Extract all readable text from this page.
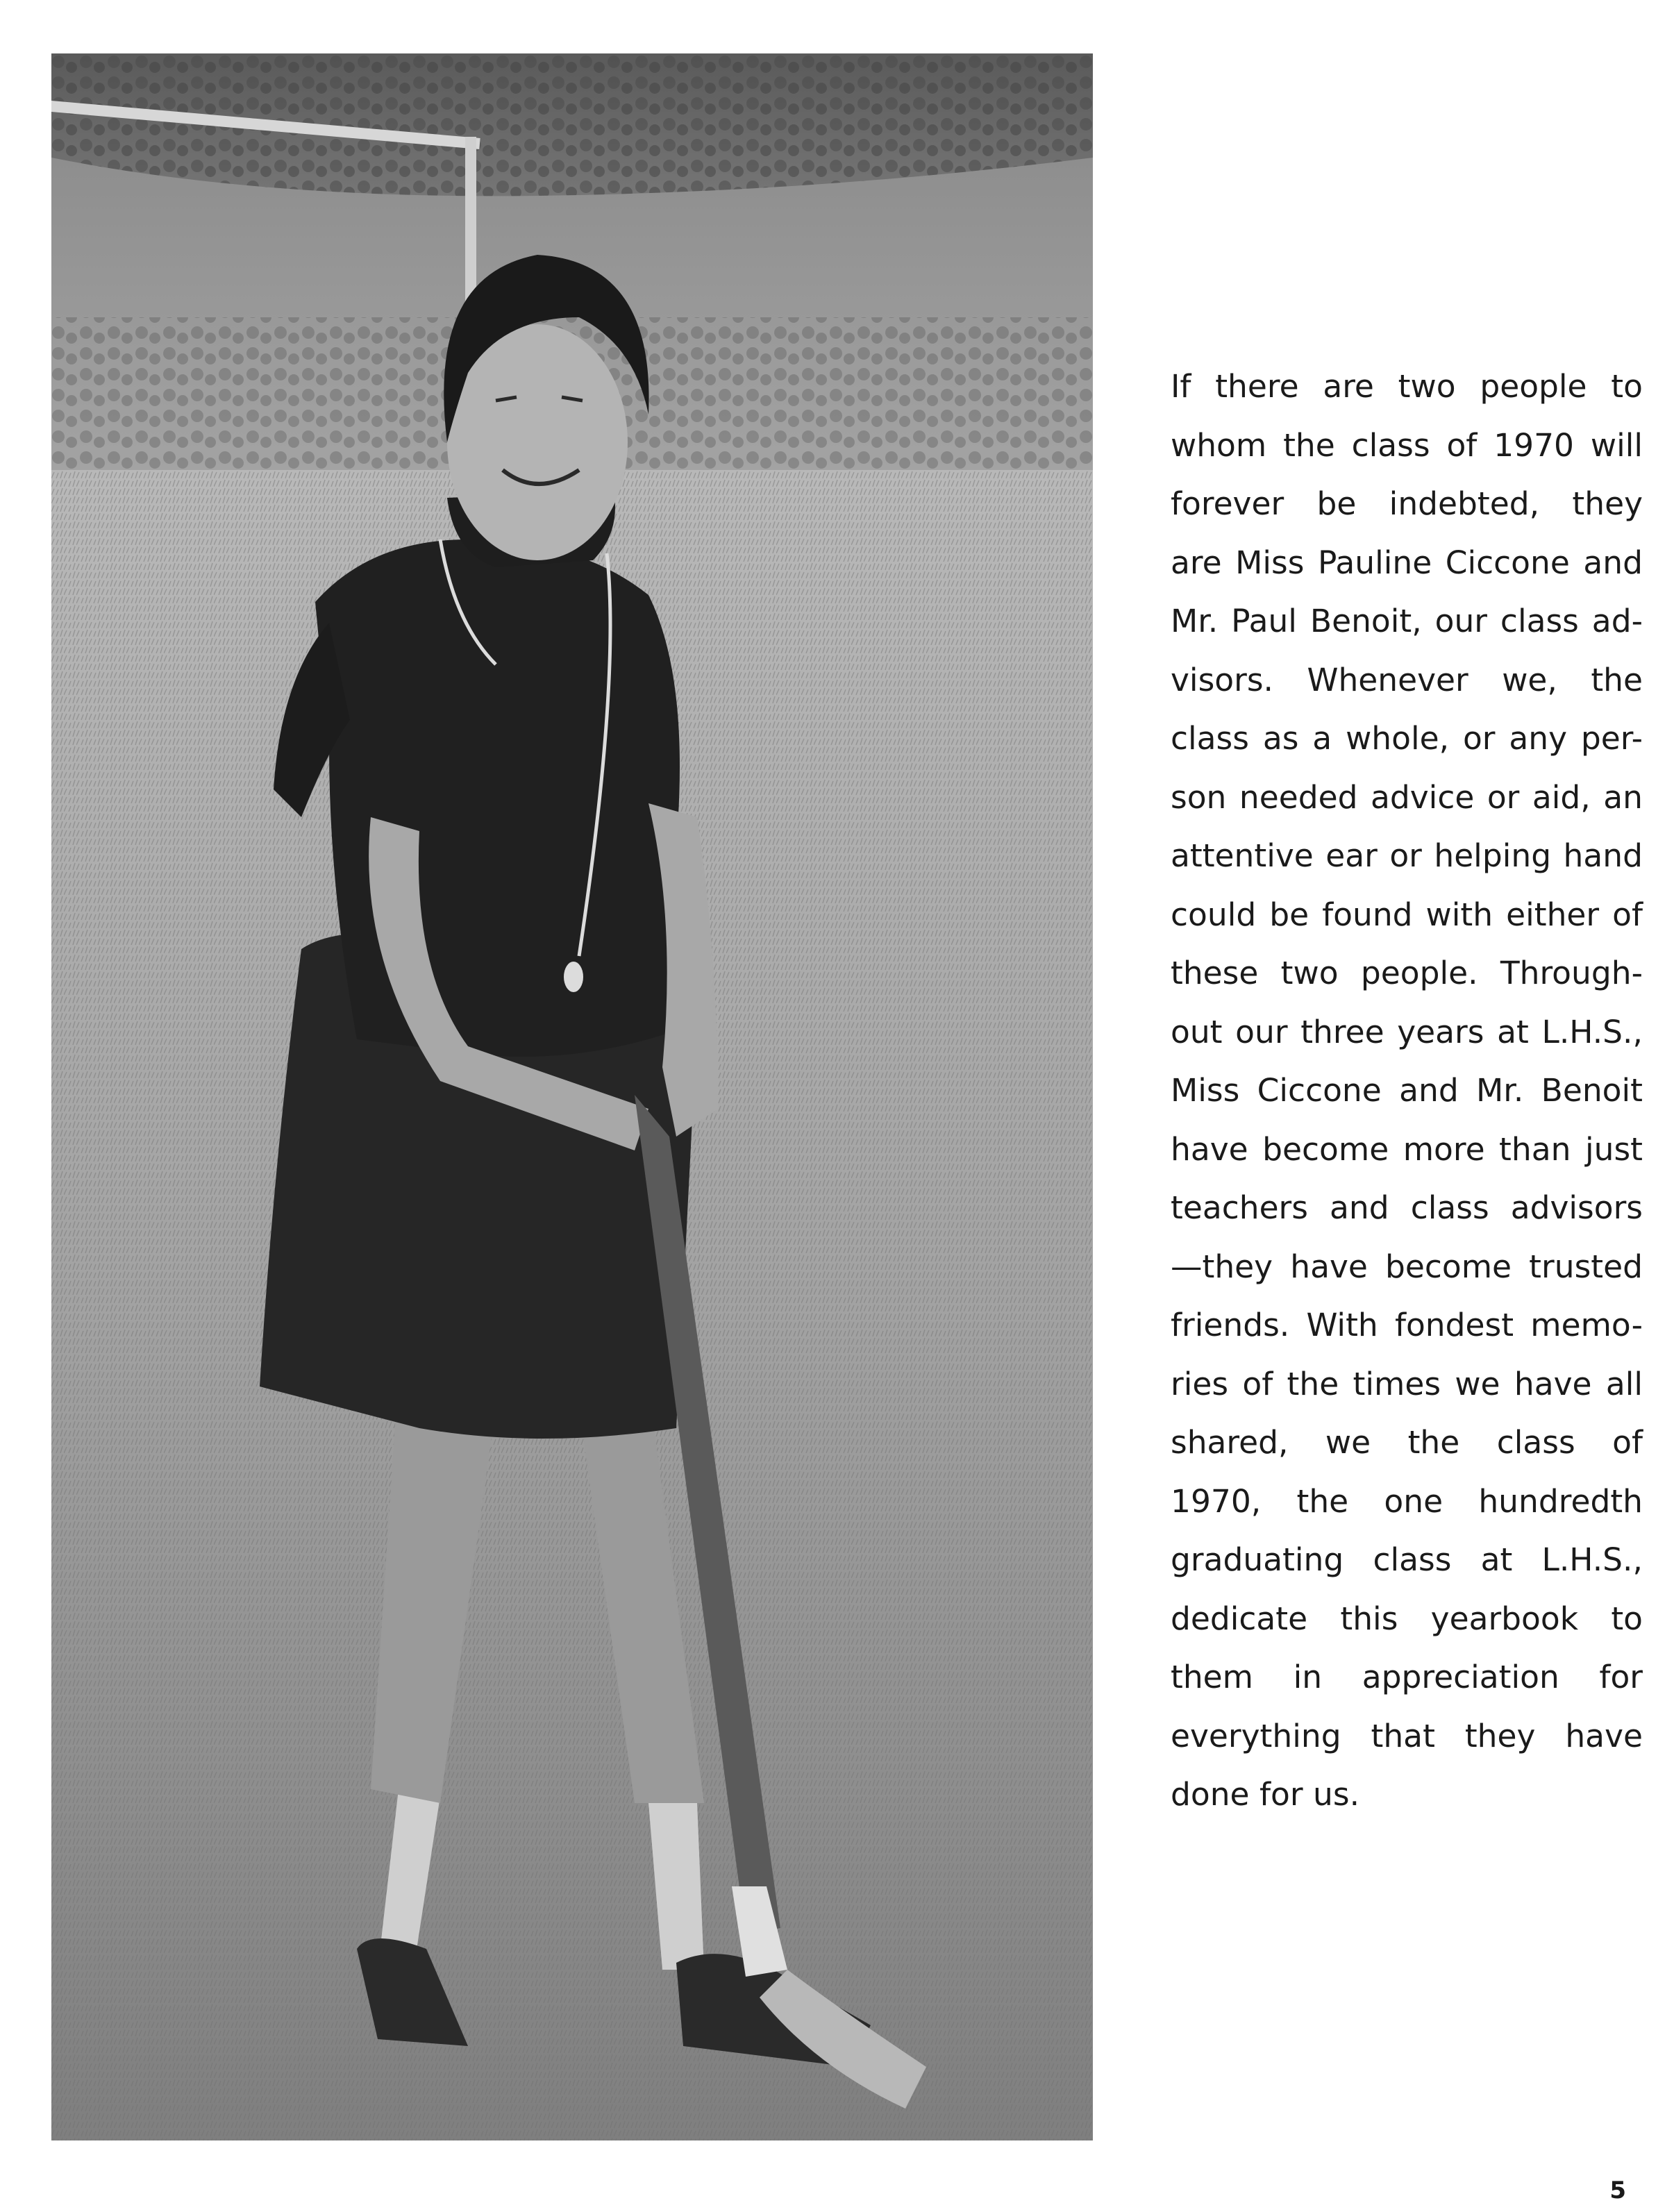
If there are two people to
whom the class of 1970 will
forever be indebted, they
are Miss Pauline Ciccone and
Mr. Paul Benoit, our class ad-
visors. Whenever we, the
class as a whole, or any per-
son needed advice or aid, an
attentive ear or helping hand
could be found with either of
these two people. Through-
out our three years at L.H.S.,
Miss Ciccone and Mr. Benoit
have become more than just
teachers and class advisors
—they have become trusted
friends. With fondest memo-
ries of the times we have all
shared, we the class of
1970, the one hundredth
graduating class at L.H.S.,
dedicate this yearbook to
them in appreciation for
everything that they have
done for us.
5
